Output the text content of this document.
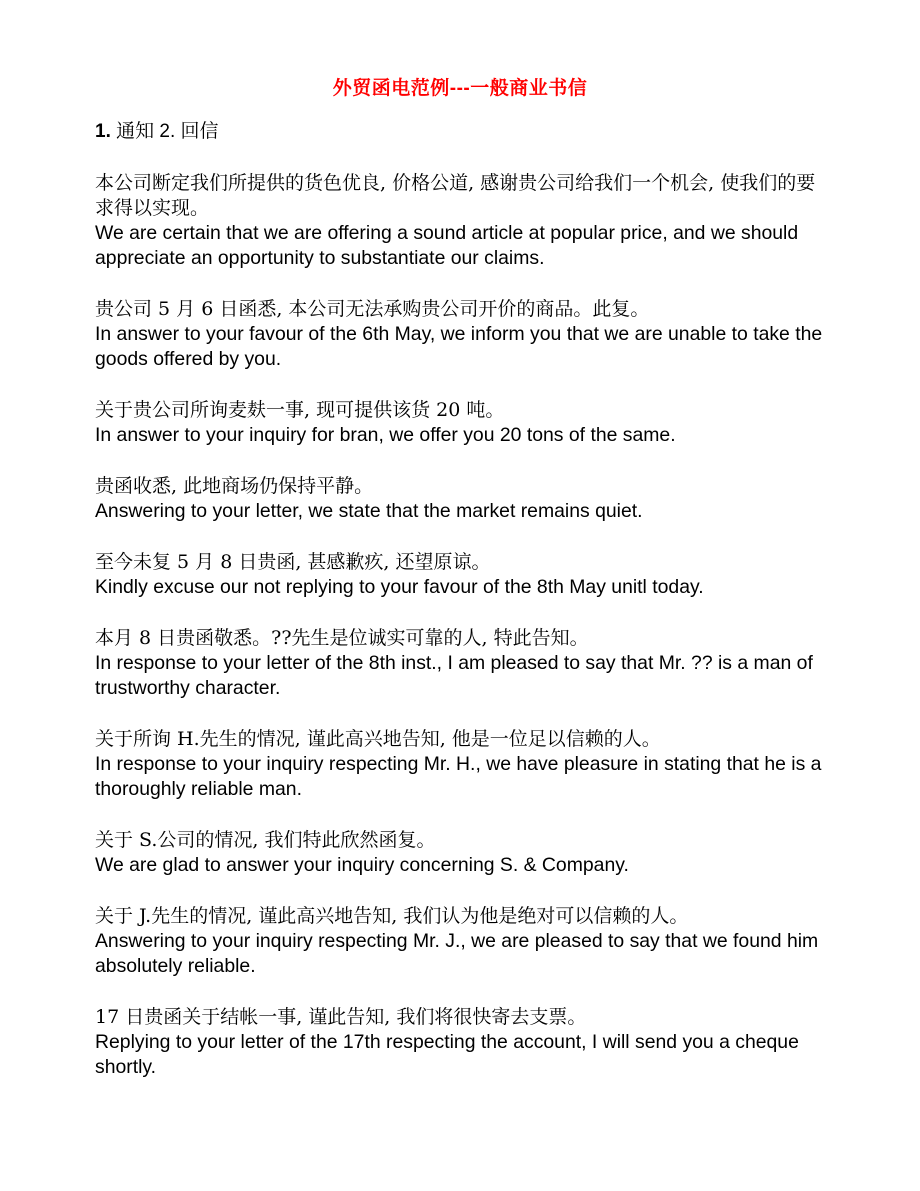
外贸函电范例---一般商业书信
1. 通知 2. 回信

本公司断定我们所提供的货色优良, 价格公道, 感谢贵公司给我们一个机会, 使我们的要求得以实现。

We are certain that we are offering a sound article at popular price, and we should appreciate an opportunity to substantiate our claims.

贵公司 5 月 6 日函悉, 本公司无法承购贵公司开价的商品。此复。

In answer to your favour of the 6th May, we inform you that we are unable to take the goods offered by you.

关于贵公司所询麦麸一事, 现可提供该货 20 吨。

In answer to your inquiry for bran, we offer you 20 tons of the same.

贵函收悉, 此地商场仍保持平静。

Answering to your letter, we state that the market remains quiet.

至今未复 5 月 8 日贵函, 甚感歉疚, 还望原谅。

Kindly excuse our not replying to your favour of the 8th May unitl today.

本月 8 日贵函敬悉。??先生是位诚实可靠的人, 特此告知。

In response to your letter of the 8th inst., I am pleased to say that Mr. ?? is a man of trustworthy character.

关于所询 H.先生的情况, 谨此高兴地告知, 他是一位足以信赖的人。

In response to your inquiry respecting Mr. H., we have pleasure in stating that he is a thoroughly reliable man.

关于 S.公司的情况, 我们特此欣然函复。

We are glad to answer your inquiry concerning S. & Company.

关于 J.先生的情况, 谨此高兴地告知, 我们认为他是绝对可以信赖的人。

Answering to your inquiry respecting Mr. J., we are pleased to say that we found him absolutely reliable.

17 日贵函关于结帐一事, 谨此告知, 我们将很快寄去支票。

Replying to your letter of the 17th respecting the account, I will send you a cheque shortly.
